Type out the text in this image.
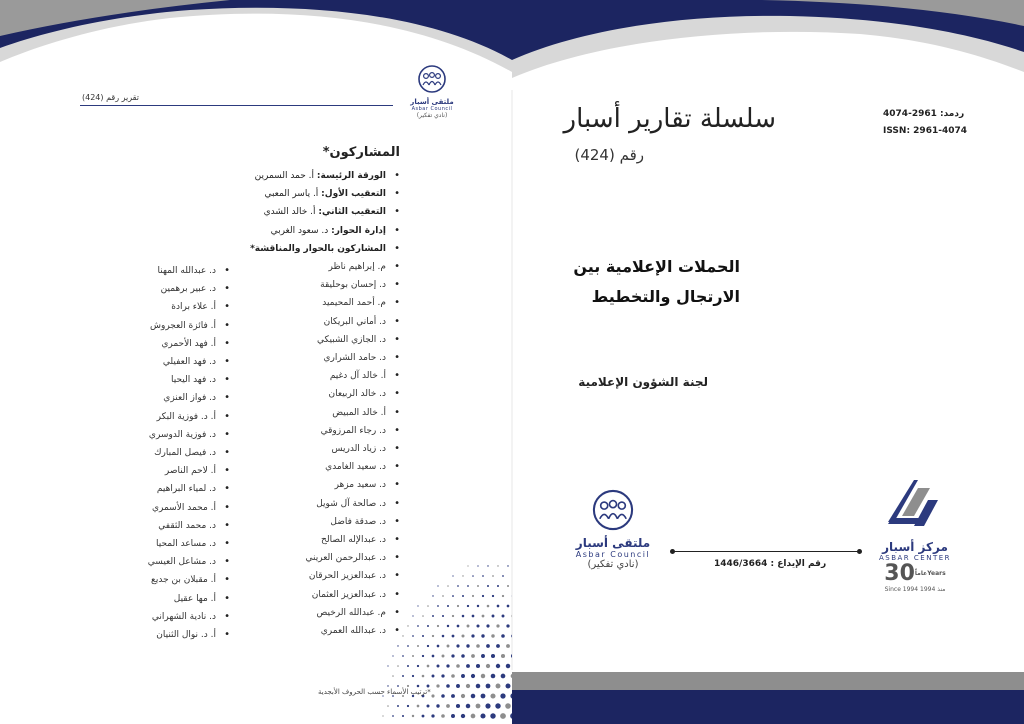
تقرير رقم (424)	ملتقى أسبار
Asbar Council
(نادي تفكير)
المشاركون*
الورقة الرئيسة: أ. حمد السمرين •
التعقيب الأول: أ. ياسر المعبي •
التعقيب الثاني: أ. خالد الشدي •
إدارة الحوار: د. سعود الغربي •
المشاركون بالحوار والمناقشة* •
م. إبراهيم ناظر •
د. إحسان بوحليقة •
م. أحمد المحيميد •
د. أماني البريكان •
د. الجازي الشبيكي •
د. حامد الشراري •
أ. خالد آل دغيم •
د. خالد الربيعان •
أ. خالد المبيض •
د. رجاء المرزوقي •
د. زياد الدريس •
د. سعيد الغامدي •
د. سعيد مزهر •
د. صالحة آل شويل •
د. صدقة فاضل •
د. عبدالإله الصالح •
د. عبدالرحمن العريني •
د. عبدالعزيز الحرقان •
د. عبدالعزيز العثمان •
م. عبدالله الرخيص •
د. عبدالله العمري •
د. عبدالله المهنا •
د. عبير برهمين •
أ. علاء برادة •
أ. فائزة العجروش •
أ. فهد الأحمري •
د. فهد العفيلي •
د. فهد اليحيا •
د. فواز العنزي •
أ. د. فوزية البكر •
د. فوزية الدوسري •
د. فيصل المبارك •
أ. لاحم الناصر •
د. لمياء البراهيم •
أ. محمد الأسمري •
د. محمد الثقفي •
د. مساعد المحيا •
د. مشاعل العيسي •
أ. مقبلان بن جديع •
أ. مها عقيل •
د. نادية الشهراني •
أ. د. نوال الثنيان •
*ترتيب الأسماء حسب الحروف الأبجدية
سلسلة تقارير أسبار
رقم (424)
ردمد: 2961-4074
ISSN: 2961-4074
الحملات الإعلامية بين
الارتجال والتخطيط
لجنة الشؤون الإعلامية
رقم الإيداع : 1446/3664
ملتقى أسبار
Asbar Council
(نادي تفكير)
مركز أسبار
ASBAR CENTER
عاماً30 Years
Since 1994 منذ 1994
